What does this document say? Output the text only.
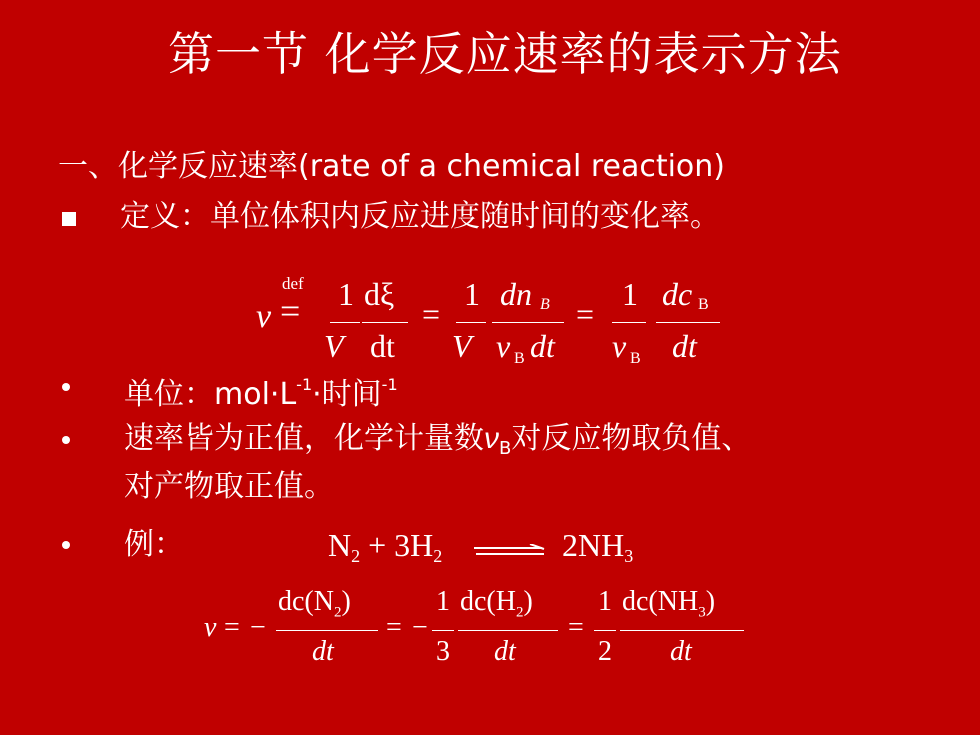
第一节 化学反应速率的表示方法
一、化学反应速率(rate of a chemical reaction)
定义：单位体积内反应进度随时间的变化率。
v
def
= 1
V
dξ
dt
=
1
V
dn B
ν B dt
=
1
ν B
dc B
dt
单位：$mol\cdot L^{-1}\cdot$时间$^{-1}$
速率皆为正值，化学计量数$\nu_B$对反应物取负值、
对产物取正值。
例：	$N_2 + 3H_2$	$2NH_3$
v = −
$dc(N_2)$
dt
= −
1
3
$dc(H_2)$
dt
=
1
2
$dc(NH_3)$
dt
